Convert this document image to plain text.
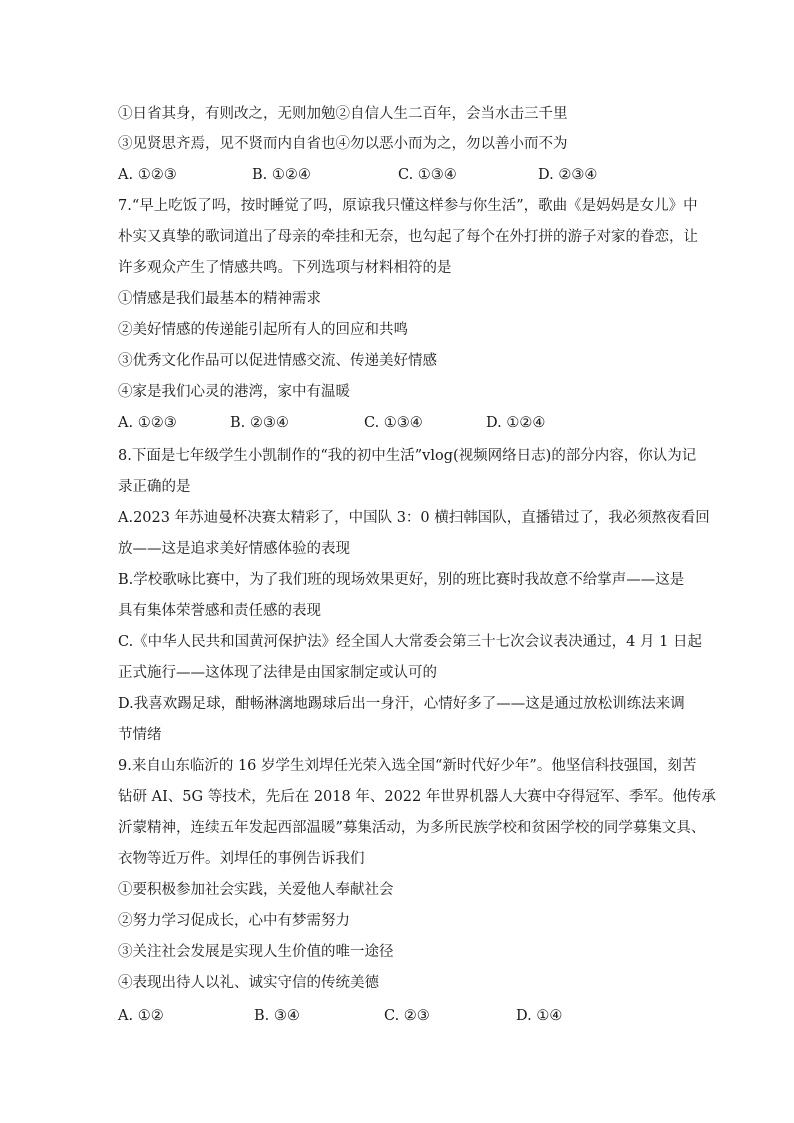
①日省其身，有则改之，无则加勉②自信人生二百年，会当水击三千里
③见贤思齐焉，见不贤而内自省也④勿以恶小而为之，勿以善小而不为
A. ①②③	B. ①②④	C. ①③④	D. ②③④
7.“早上吃饭了吗，按时睡觉了吗，原谅我只懂这样参与你生活”，歌曲《是妈妈是女儿》中
朴实又真挚的歌词道出了母亲的牵挂和无奈，也勾起了每个在外打拼的游子对家的眷恋，让
许多观众产生了情感共鸣。下列选项与材料相符的是
①情感是我们最基本的精神需求
②美好情感的传递能引起所有人的回应和共鸣
③优秀文化作品可以促进情感交流、传递美好情感
④家是我们心灵的港湾，家中有温暖
A. ①②③	B. ②③④	C. ①③④	D. ①②④
8.下面是七年级学生小凯制作的“我的初中生活”vlog(视频网络日志)的部分内容，你认为记
录正确的是
A.2023 年苏迪曼杯决赛太精彩了，中国队 3：0 横扫韩国队，直播错过了，我必须熬夜看回
放——这是追求美好情感体验的表现
B.学校歌咏比赛中，为了我们班的现场效果更好，别的班比赛时我故意不给掌声——这是
具有集体荣誉感和责任感的表现
C.《中华人民共和国黄河保护法》经全国人大常委会第三十七次会议表决通过，4 月 1 日起
正式施行——这体现了法律是由国家制定或认可的
D.我喜欢踢足球，酣畅淋漓地踢球后出一身汗，心情好多了——这是通过放松训练法来调
节情绪
9.来自山东临沂的 16 岁学生刘垾任光荣入选全国“新时代好少年”。他坚信科技强国，刻苦
钻研 AI、5G 等技术，先后在 2018 年、2022 年世界机器人大赛中夺得冠军、季军。他传承
沂蒙精神，连续五年发起西部温暖”募集活动，为多所民族学校和贫困学校的同学募集文具、
衣物等近万件。刘垾任的事例告诉我们
①要积极参加社会实践，关爱他人奉献社会
②努力学习促成长，心中有梦需努力
③关注社会发展是实现人生价值的唯一途径
④表现出待人以礼、诚实守信的传统美德
A. ①②	B. ③④	C. ②③	D. ①④
